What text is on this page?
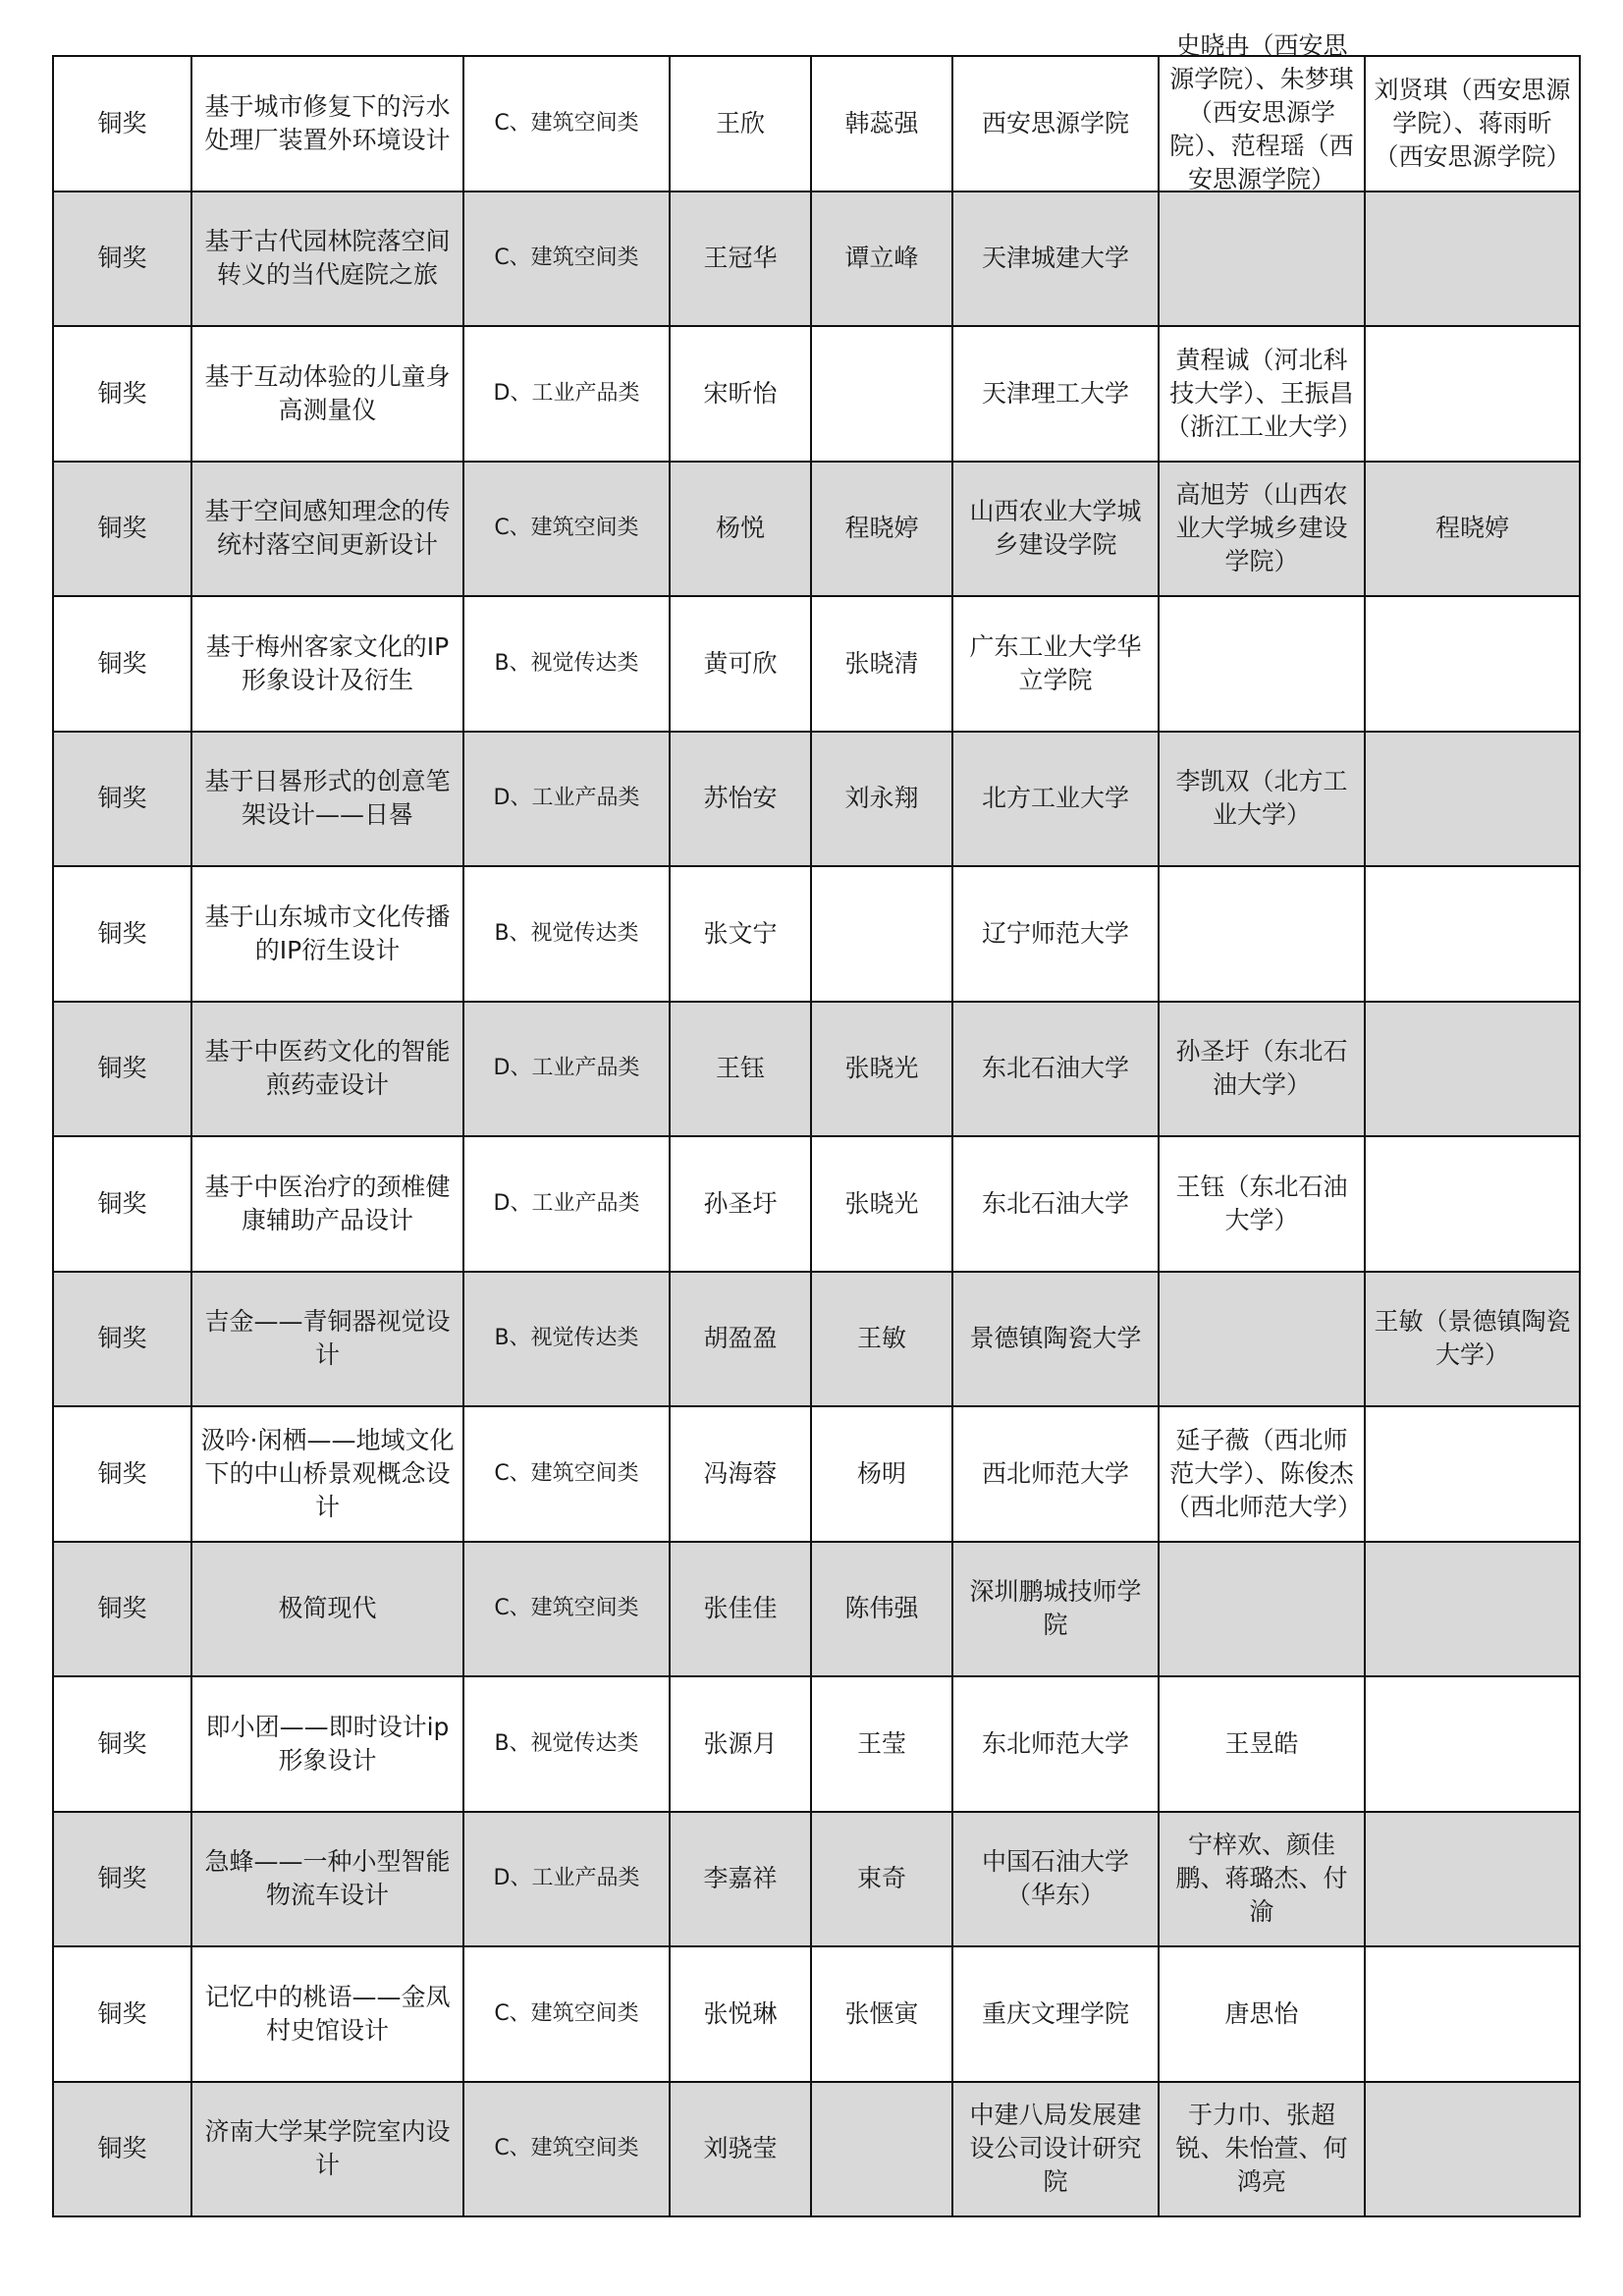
铜奖	基于城市修复下的污水处理厂装置外环境设计	C、建筑空间类	王欣	韩蕊强	西安思源学院	史晓冉（西安思源学院）、朱梦琪（西安思源学院）、范程瑶（西安思源学院）	刘贤琪（西安思源学院）、蒋雨昕（西安思源学院）
铜奖	基于古代园林院落空间转义的当代庭院之旅	C、建筑空间类	王冠华	谭立峰	天津城建大学		
铜奖	基于互动体验的儿童身高测量仪	D、工业产品类	宋昕怡		天津理工大学	黄程诚（河北科技大学）、王振昌（浙江工业大学）	
铜奖	基于空间感知理念的传统村落空间更新设计	C、建筑空间类	杨悦	程晓婷	山西农业大学城乡建设学院	高旭芳（山西农业大学城乡建设学院）	程晓婷
铜奖	基于梅州客家文化的IP形象设计及衍生	B、视觉传达类	黄可欣	张晓清	广东工业大学华立学院		
铜奖	基于日晷形式的创意笔架设计——日晷	D、工业产品类	苏怡安	刘永翔	北方工业大学	李凯双（北方工业大学）	
铜奖	基于山东城市文化传播的IP衍生设计	B、视觉传达类	张文宁		辽宁师范大学		
铜奖	基于中医药文化的智能煎药壶设计	D、工业产品类	王钰	张晓光	东北石油大学	孙圣圩（东北石油大学）	
铜奖	基于中医治疗的颈椎健康辅助产品设计	D、工业产品类	孙圣圩	张晓光	东北石油大学	王钰（东北石油大学）	
铜奖	吉金——青铜器视觉设计	B、视觉传达类	胡盈盈	王敏	景德镇陶瓷大学		王敏（景德镇陶瓷大学）
铜奖	汲吟·闲栖——地域文化下的中山桥景观概念设计	C、建筑空间类	冯海蓉	杨明	西北师范大学	延子薇（西北师范大学）、陈俊杰（西北师范大学）	
铜奖	极简现代	C、建筑空间类	张佳佳	陈伟强	深圳鹏城技师学院		
铜奖	即小团——即时设计ip形象设计	B、视觉传达类	张源月	王莹	东北师范大学	王昱皓	
铜奖	急蜂——一种小型智能物流车设计	D、工业产品类	李嘉祥	束奇	中国石油大学（华东）	宁梓欢、颜佳鹏、蒋璐杰、付渝	
铜奖	记忆中的桃语——金凤村史馆设计	C、建筑空间类	张悦琳	张惬寅	重庆文理学院	唐思怡	
铜奖	济南大学某学院室内设计	C、建筑空间类	刘骁莹		中建八局发展建设公司设计研究院	于力巾、张超锐、朱怡萱、何鸿亮	
